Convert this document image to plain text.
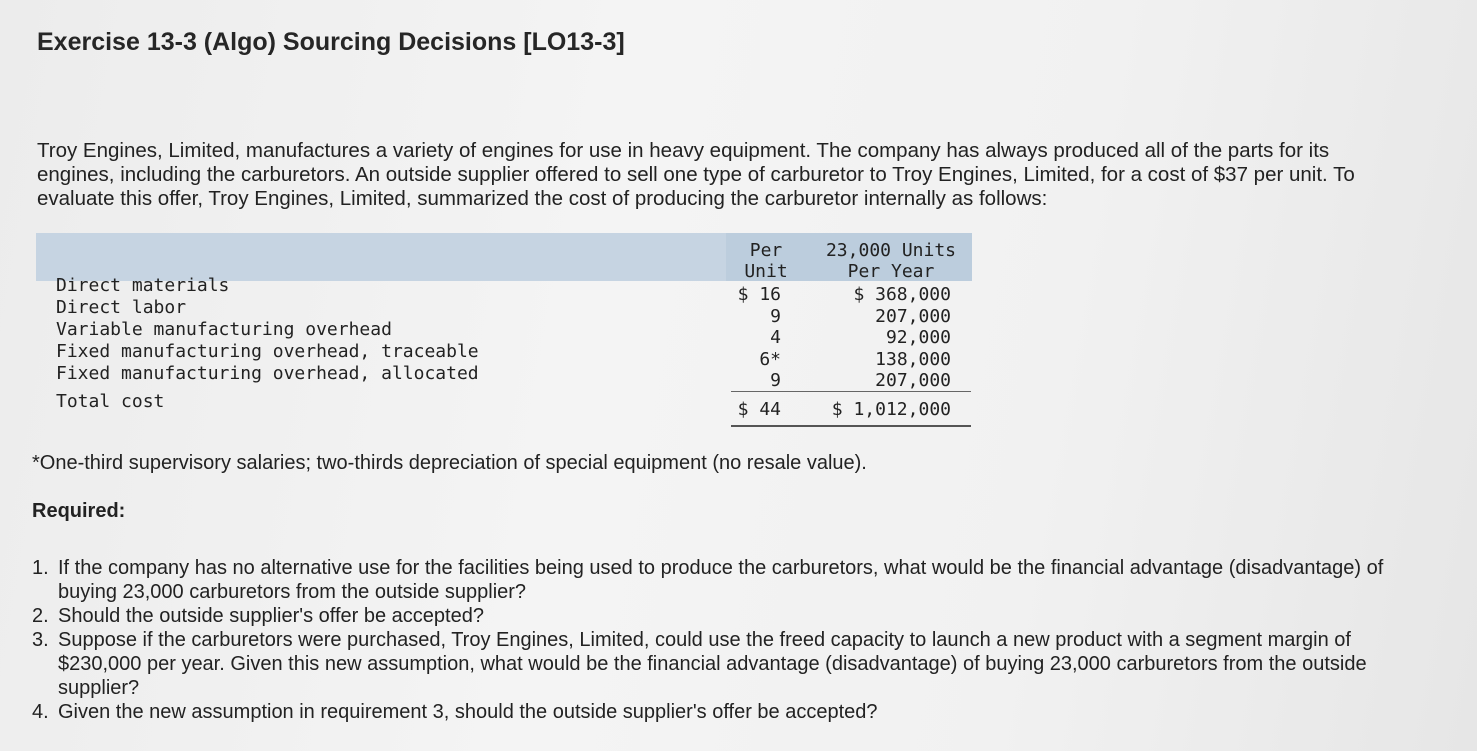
Exercise 13-3 (Algo) Sourcing Decisions [LO13-3]
Troy Engines, Limited, manufactures a variety of engines for use in heavy equipment. The company has always produced all of the parts for its engines, including the carburetors. An outside supplier offered to sell one type of carburetor to Troy Engines, Limited, for a cost of $37 per unit. To evaluate this offer, Troy Engines, Limited, summarized the cost of producing the carburetor internally as follows:
Per
Unit
23,000 Units
Per Year
Direct materials
Direct labor
Variable manufacturing overhead
Fixed manufacturing overhead, traceable
Fixed manufacturing overhead, allocated
Total cost
$ 16
9
4
6*
9
$ 368,000
207,000
92,000
138,000
207,000
$ 44	$ 1,012,000
*One-third supervisory salaries; two-thirds depreciation of special equipment (no resale value).
Required:
1. If the company has no alternative use for the facilities being used to produce the carburetors, what would be the financial advantage (disadvantage) of buying 23,000 carburetors from the outside supplier?
2. Should the outside supplier's offer be accepted?
3. Suppose if the carburetors were purchased, Troy Engines, Limited, could use the freed capacity to launch a new product with a segment margin of $230,000 per year. Given this new assumption, what would be the financial advantage (disadvantage) of buying 23,000 carburetors from the outside supplier?
4. Given the new assumption in requirement 3, should the outside supplier's offer be accepted?
